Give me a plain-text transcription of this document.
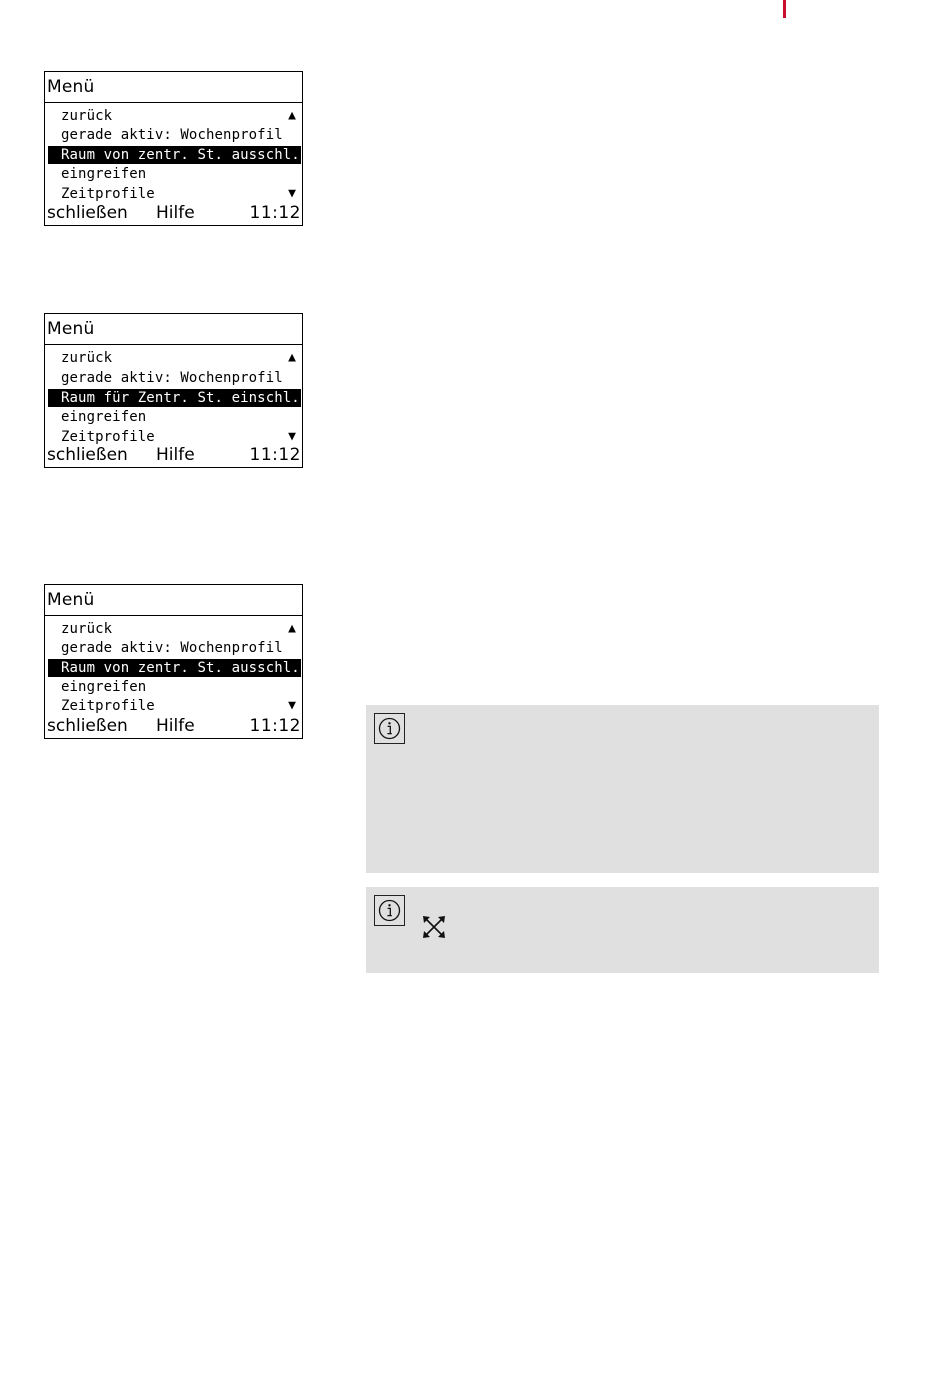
Menü
zurück	▲
gerade aktiv: Wochenprofil
Raum von zentr. St. ausschl.
eingreifen
Zeitprofile	▼
schließen Hilfe	11:12
Menü
zurück	▲
gerade aktiv: Wochenprofil
Raum für Zentr. St. einschl.
eingreifen
Zeitprofile	▼
schließen Hilfe	11:12
Menü
zurück	▲
gerade aktiv: Wochenprofil
Raum von zentr. St. ausschl.
eingreifen
Zeitprofile	▼
schließen Hilfe	11:12
